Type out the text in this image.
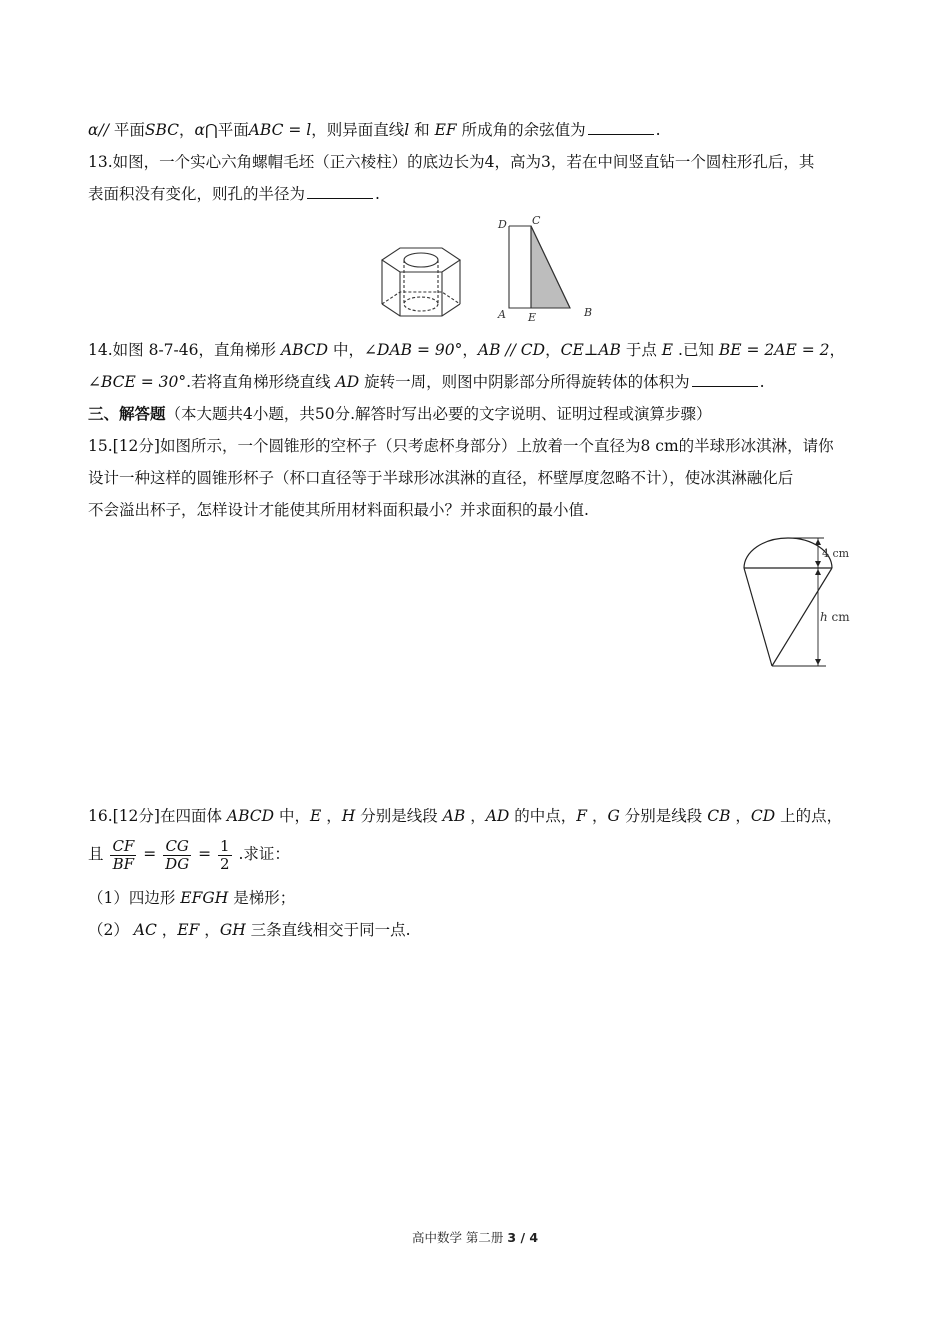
α// 平面SBC，α⋂平面ABC = l，则异面直线l 和 EF 所成角的余弦值为	.
13.如图，一个实心六角螺帽毛坯（正六棱柱）的底边长为4，高为3，若在中间竖直钻一个圆柱形孔后，其
表面积没有变化，则孔的半径为	.
D C
A E	B
14.如图 8-7-46，直角梯形 ABCD 中，∠DAB = 90°，AB // CD，CE⊥AB 于点 E .已知 BE = 2AE = 2，
∠BCE = 30°.若将直角梯形绕直线 AD 旋转一周，则图中阴影部分所得旋转体的体积为	.
三、解答题（本大题共4小题，共50分.解答时写出必要的文字说明、证明过程或演算步骤）
15.[12分]如图所示，一个圆锥形的空杯子（只考虑杯身部分）上放着一个直径为8 cm的半球形冰淇淋，请你
设计一种这样的圆锥形杯子（杯口直径等于半球形冰淇淋的直径，杯壁厚度忽略不计），使冰淇淋融化后
不会溢出杯子，怎样设计才能使其所用材料面积最小？并求面积的最小值.
4 cm
h cm
16.[12分]在四面体 ABCD 中，E ，H 分别是线段 AB ，AD 的中点，F ，G 分别是线段 CB ，CD 上的点，
且 $\frac{CF}{BF} = \frac{CG}{DG} = \frac{1}{2}$ .求证：
（1）四边形 EFGH 是梯形；
（2） AC ，EF ，GH 三条直线相交于同一点.
高中数学 第二册 3 / 4
